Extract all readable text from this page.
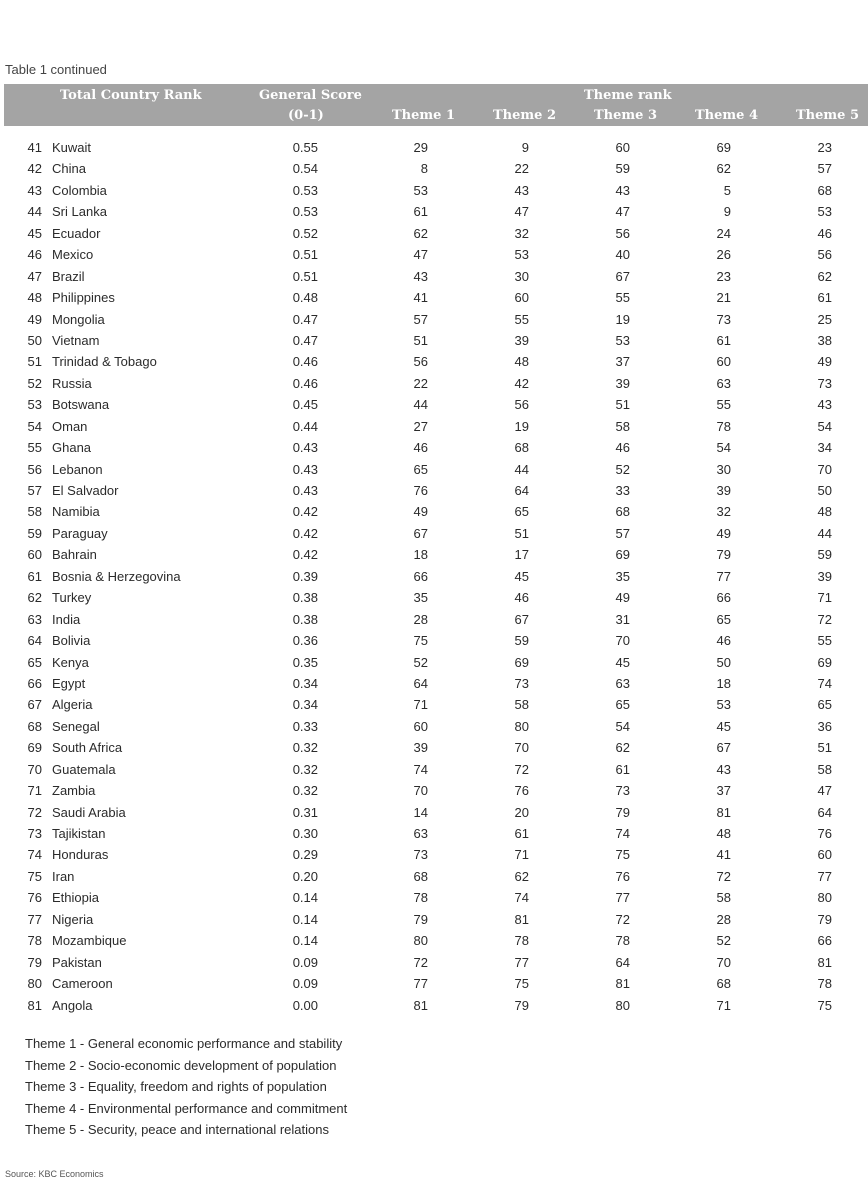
Table 1 continued
Total Country Rank	General Score
(0-1)
Theme rank
Theme 1	Theme 2	Theme 3	Theme 4	Theme 5
41 Kuwait	0.55	29	9	60	69	23
42 China	0.54	8	22	59	62	57
43 Colombia	0.53	53	43	43	5	68
44 Sri Lanka	0.53	61	47	47	9	53
45 Ecuador	0.52	62	32	56	24	46
46 Mexico	0.51	47	53	40	26	56
47 Brazil	0.51	43	30	67	23	62
48 Philippines	0.48	41	60	55	21	61
49 Mongolia	0.47	57	55	19	73	25
50 Vietnam	0.47	51	39	53	61	38
51 Trinidad & Tobago	0.46	56	48	37	60	49
52 Russia	0.46	22	42	39	63	73
53 Botswana	0.45	44	56	51	55	43
54 Oman	0.44	27	19	58	78	54
55 Ghana	0.43	46	68	46	54	34
56 Lebanon	0.43	65	44	52	30	70
57 El Salvador	0.43	76	64	33	39	50
58 Namibia	0.42	49	65	68	32	48
59 Paraguay	0.42	67	51	57	49	44
60 Bahrain	0.42	18	17	69	79	59
61 Bosnia & Herzegovina	0.39	66	45	35	77	39
62 Turkey	0.38	35	46	49	66	71
63 India	0.38	28	67	31	65	72
64 Bolivia	0.36	75	59	70	46	55
65 Kenya	0.35	52	69	45	50	69
66 Egypt	0.34	64	73	63	18	74
67 Algeria	0.34	71	58	65	53	65
68 Senegal	0.33	60	80	54	45	36
69 South Africa	0.32	39	70	62	67	51
70 Guatemala	0.32	74	72	61	43	58
71 Zambia	0.32	70	76	73	37	47
72 Saudi Arabia	0.31	14	20	79	81	64
73 Tajikistan	0.30	63	61	74	48	76
74 Honduras	0.29	73	71	75	41	60
75 Iran	0.20	68	62	76	72	77
76 Ethiopia	0.14	78	74	77	58	80
77 Nigeria	0.14	79	81	72	28	79
78 Mozambique	0.14	80	78	78	52	66
79 Pakistan	0.09	72	77	64	70	81
80 Cameroon	0.09	77	75	81	68	78
81 Angola	0.00	81	79	80	71	75
Theme 1 - General economic performance and stability
Theme 2 - Socio-economic development of population
Theme 3 - Equality, freedom and rights of population
Theme 4 - Environmental performance and commitment
Theme 5 - Security, peace and international relations
Source: KBC Economics
